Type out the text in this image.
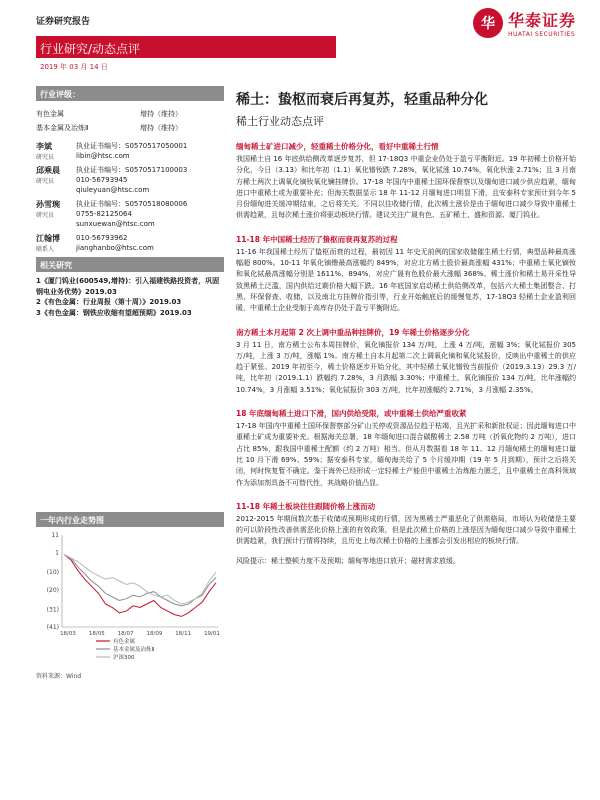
证券研究报告	华 华泰证券
HUATAI SECURITIES
行业研究/动态点评
2019 年 03 月 14 日
行业评级：
有色金属	增持（维持）
基本金属及冶炼Ⅱ	增持（维持）
李斌
研究员
执业证书编号：S0570517050001
libin@htsc.com
邱乘晨
研究员
执业证书编号：S0570517100003
010-56793945
qiuleyuan@htsc.com
孙雪琬
研究员
执业证书编号：S0570518080006
0755-82125064
sunxuewan@htsc.com
江翰博
联系人
010-56793962
jianghanbo@htsc.com
相关研究
1《厦门钨业(600549,增持)：引入福建铁路投资者，巩固钢电业务优势》2019.03
2《有色金属：行业周报（第十周）》2019.03
3《有色金属：钢铁应收缩有望超预期》2019.03
一年内行业走势图
11
1
(10)
(20)
(31)
(41)
18/03 18/05 18/07 18/09 18/11 19/01
有色金属
基本金属及冶炼Ⅱ
沪深300
资料来源：Wind
稀土：蛰枢而衰后再复苏，轻重品种分化
稀土行业动态点评
缅甸稀土矿进口减少，轻重稀土价格分化，看好中重稀土行情
我国稀土自 16 年底供给侧改革逐步复苏，但 17-18Q3 中重企业仍处于盈亏平衡附近。19 年初稀土价格开始分化，今日（3.13）和比年初（1.1）氧化镨钕跌 7.28%，氧化铽涨 10.74%，氧化钬涨 2.71%；且 3 月南方稀土两次上调氧化镝钕氧化镧挂牌价。17-18 年国内中重稀土国环保督察以及缅甸进口减少供应趋紧，缅甸进口中重稀土或为重要补充；但海关数据显示 18 年 11-12 月缅甸进口明显下滑，且安泰科专家预计到今年 5 月份缅甸进关缓冲期结束，之后将关关。不同以往收储行情，此次稀土涨价是由于缅甸进口减少导致中重稀土供需趋紧，且每次稀土涨价将驱动板块行情。建议关注广晟有色、五矿稀土、盛和资源、厦门钨业。
11-18 年中国稀土经历了蛰枢而衰再复苏的过程
11-16 年我国稀土经历了蛰枢而衰的过程，最初因 11 年史无前例的国家收储催生稀土行情，典型品种最高涨幅超 800%。10-11 年氧化镝镥最高涨幅约 849%，对应北方稀土股价最高涨幅 431%；中重稀土氧化镝钕和氧化铽最高涨幅分别是 1611%、894%，对应广晟有色股价最大涨幅 368%。稀土涨价和稀土易开采性导致黑稀土泛滥，国内供给过剩价格大幅下跌。16 年底国家启动稀土供给侧改革，包括六大稀土集团整合、打黑、环保督查、收储，以及南北方挂牌价指引等，行业开始触底后的缓慢复苏，17-18Q3 轻稀土企业盈利回暖，中重稀土企业受制于高库存仍处于盈亏平衡附近。
南方稀土本月起第 2 次上调中重品种挂牌价，19 年稀土价格逐步分化
3 月 11 日，南方稀土公布本周挂牌价，氧化镝报价 134 万/吨，上涨 4 万/吨，涨幅 3%；氧化铽报价 305 万/吨，上涨 3 万/吨，涨幅 1%。南方稀土自本月起第二次上调氧化镝和氧化铽报价，反映出中重稀土的供应趋于紧张。2019 年初至今，稀土价格逐步开始分化，其中轻稀土氧化镨钕当前报价（2019.3.13）29.3 万/吨，比年初（2019.1.1）跌幅约 7.28%，3 月跌幅 3.30%；中重稀土，氧化镝报价 134 万/吨，比年涨幅约 10.74%，3 月涨幅 3.51%；氧化铽报价 303 万/吨，比年初涨幅约 2.71%，3 月涨幅 2.35%。
18 年底缅甸稀土进口下滑，国内供给受限，或中重稀土供给严重收紧
17-18 年国内中重稀土国环保督察部分矿山关停或资源品位趋于枯竭，且光扩采和新批权证；因此缅甸进口中重稀土矿成为重要补充。根据海关总署，18 年缅甸进口混合碳酸稀土 2.58 万吨（折氧化物约 2 万吨），进口占比 85%，跟我国中重稀土配额（约 2 万吨）相当。但从月数据看 18 年 11、12 月缅甸稀土的缅甸进口量比 10 月下滑 69%、59%；据安泰科专家，缅甸海关给了 5 个月缓冲期（19 年 5 月到期），预计之后将关闭，何时恢复暂不确定。鉴于海外已经形成一定轻稀土产能但中重稀土冶炼能力匮乏，且中重稀土在高科领域作为添加剂具备不可替代性，其战略价值凸显。
11-18 年稀土板块往往跟随价格上涨而动
2012-2015 年期间数次基于收储或预期形成的行情，因为黑稀土严重恶化了供需格局，市场认为收储是主要的可以阶段性改善供需恶化价格上涨的有效政策，但是此次稀土价格的上涨是因为缅甸进口减少导致中重稀土供需趋紧，我们预计行情将持续，且历史上每次稀土价格的上涨都会引发出相应的板块行情。
风险提示：稀土整顿力度不及预期；缅甸等地进口放开；磁材需求放缓。
